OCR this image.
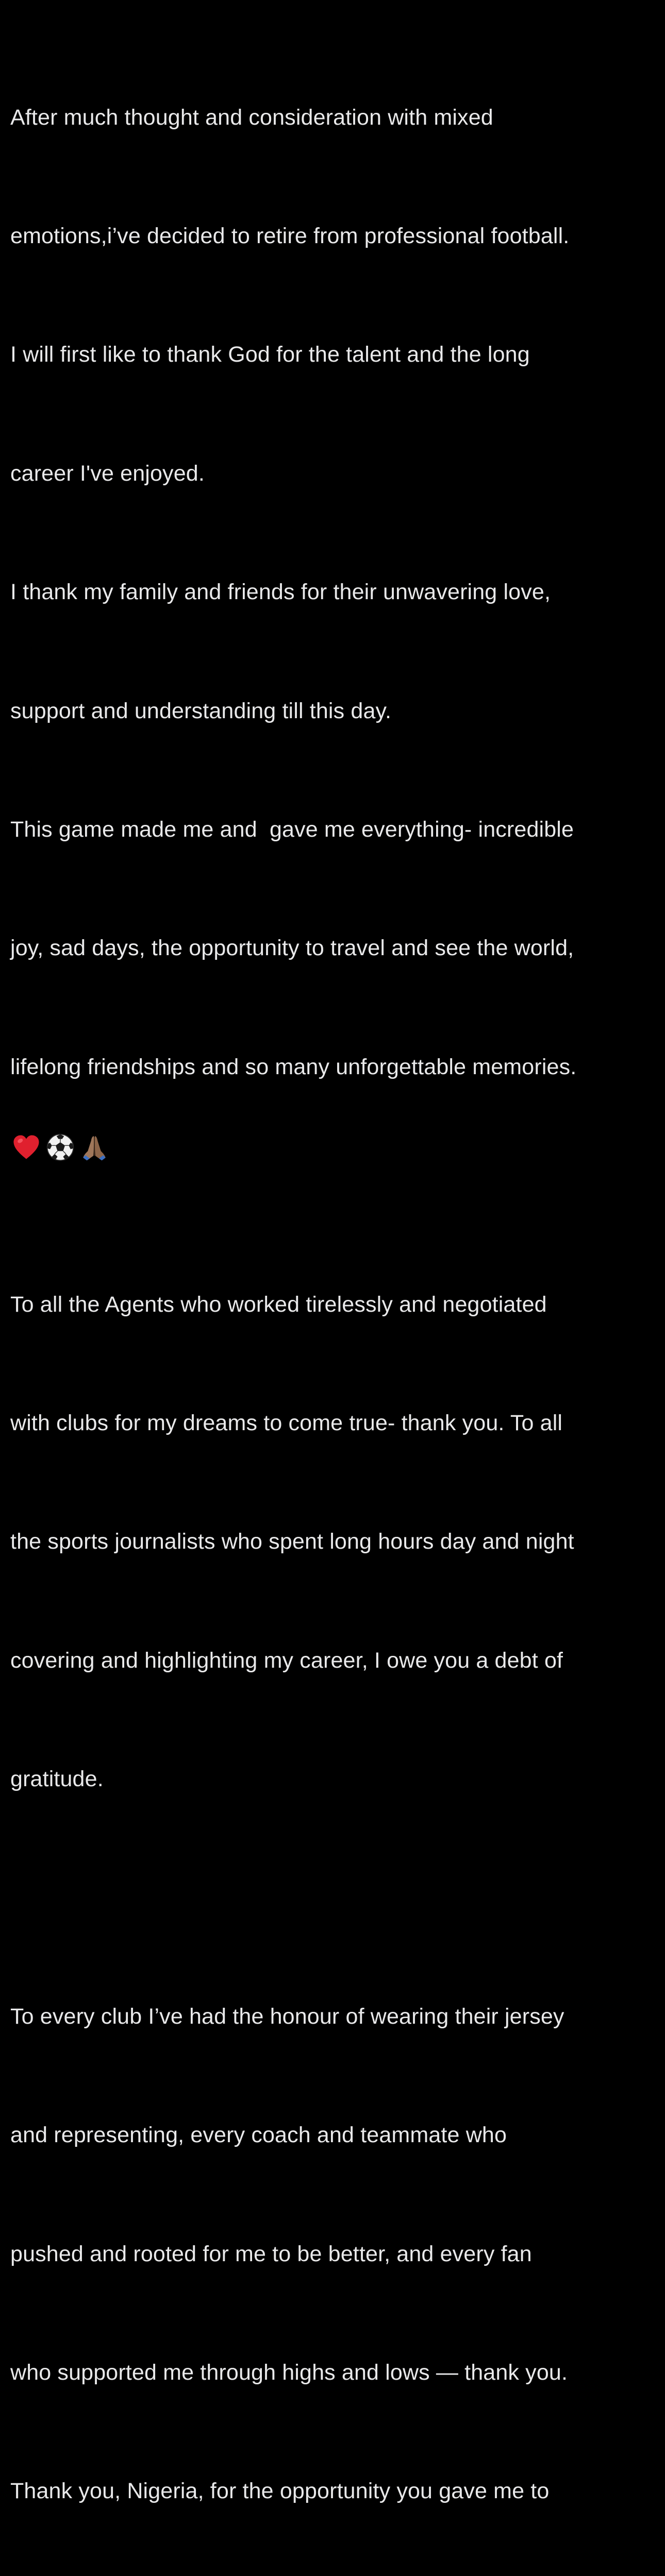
After much thought and consideration with mixed

emotions,i’ve decided to retire from professional football.

I will first like to thank God for the talent and the long

career I've enjoyed.

I thank my family and friends for their unwavering love,

support and understanding till this day.

This game made me and  gave me everything- incredible

joy, sad days, the opportunity to travel and see the world,

lifelong friendships and so many unforgettable memories.

To all the Agents who worked tirelessly and negotiated

with clubs for my dreams to come true- thank you. To all

the sports journalists who spent long hours day and night

covering and highlighting my career, I owe you a debt of

gratitude.

To every club I’ve had the honour of wearing their jersey

and representing, every coach and teammate who

pushed and rooted for me to be better, and every fan

who supported me through highs and lows — thank you.

Thank you, Nigeria, for the opportunity you gave me to
